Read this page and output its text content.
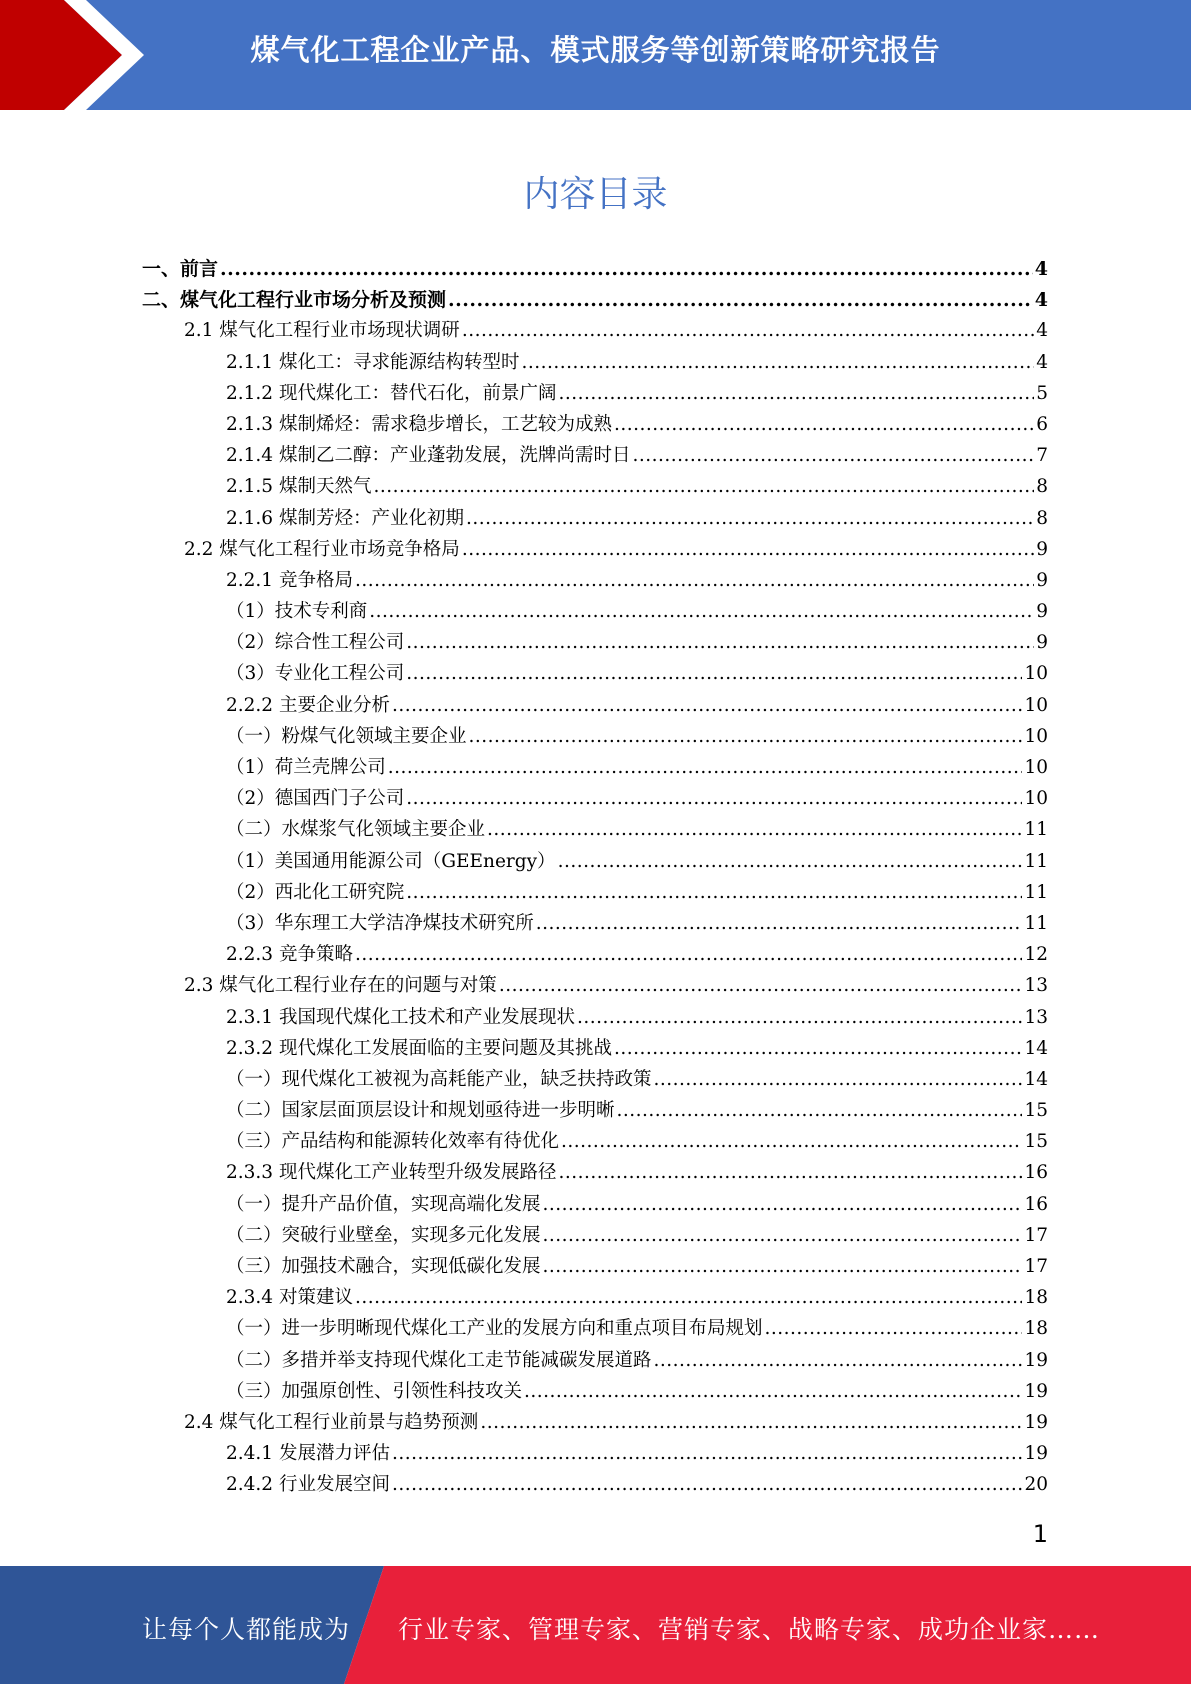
煤气化工程企业产品、模式服务等创新策略研究报告
内容目录
一、前言 .....	4
二、煤气化工程行业市场分析及预测 .....	4
2.1 煤气化工程行业市场现状调研 .....	4
2.1.1 煤化工：寻求能源结构转型时 .....	4
2.1.2 现代煤化工：替代石化，前景广阔 .....	5
2.1.3 煤制烯烃：需求稳步增长，工艺较为成熟 .....	6
2.1.4 煤制乙二醇：产业蓬勃发展，洗牌尚需时日 .....	7
2.1.5 煤制天然气 .....	8
2.1.6 煤制芳烃：产业化初期 .....	8
2.2 煤气化工程行业市场竞争格局 .....	9
2.2.1 竞争格局 .....	9
（1）技术专利商 .....	9
（2）综合性工程公司 .....	9
（3）专业化工程公司 .....	10
2.2.2 主要企业分析 .....	10
（一）粉煤气化领域主要企业 .....	10
（1）荷兰壳牌公司 .....	10
（2）德国西门子公司 .....	10
（二）水煤浆气化领域主要企业 .....	11
（1）美国通用能源公司（GEEnergy） .....	11
（2）西北化工研究院 .....	11
（3）华东理工大学洁净煤技术研究所 .....	11
2.2.3 竞争策略 .....	12
2.3 煤气化工程行业存在的问题与对策 .....	13
2.3.1 我国现代煤化工技术和产业发展现状 .....	13
2.3.2 现代煤化工发展面临的主要问题及其挑战 .....	14
（一）现代煤化工被视为高耗能产业，缺乏扶持政策 .....	14
（二）国家层面顶层设计和规划亟待进一步明晰 .....	15
（三）产品结构和能源转化效率有待优化 .....	15
2.3.3 现代煤化工产业转型升级发展路径 .....	16
（一）提升产品价值，实现高端化发展 .....	16
（二）突破行业壁垒，实现多元化发展 .....	17
（三）加强技术融合，实现低碳化发展 .....	17
2.3.4 对策建议 .....	18
（一）进一步明晰现代煤化工产业的发展方向和重点项目布局规划 .....	18
（二）多措并举支持现代煤化工走节能减碳发展道路 .....	19
（三）加强原创性、引领性科技攻关 .....	19
2.4 煤气化工程行业前景与趋势预测 .....	19
2.4.1 发展潜力评估 .....	19
2.4.2 行业发展空间 .....	20
1
让每个人都能成为 行业专家、管理专家、营销专家、战略专家、成功企业家……
